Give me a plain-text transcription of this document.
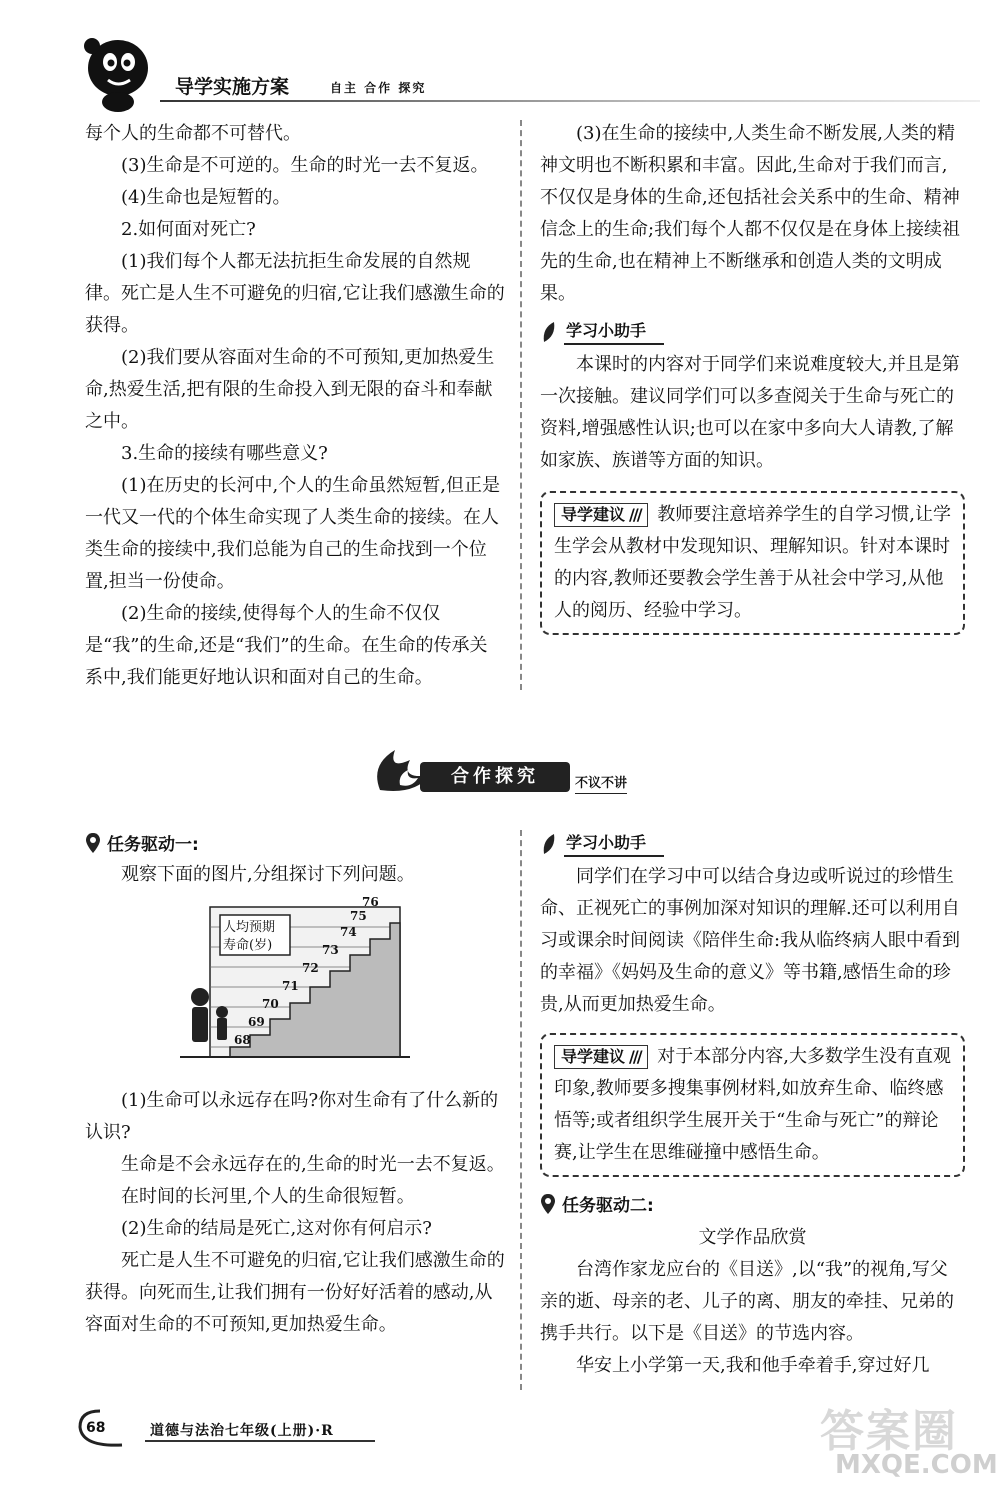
导学实施方案	自主 合作 探究

每个人的生命都不可替代。

(3)生命是不可逆的。生命的时光一去不复返。

(4)生命也是短暂的。

2.如何面对死亡?

(1)我们每个人都无法抗拒生命发展的自然规律。死亡是人生不可避免的归宿,它让我们感激生命的获得。

(2)我们要从容面对生命的不可预知,更加热爱生命,热爱生活,把有限的生命投入到无限的奋斗和奉献之中。

3.生命的接续有哪些意义?

(1)在历史的长河中,个人的生命虽然短暂,但正是一代又一代的个体生命实现了人类生命的接续。在人类生命的接续中,我们总能为自己的生命找到一个位置,担当一份使命。

(2)生命的接续,使得每个人的生命不仅仅是“我”的生命,还是“我们”的生命。在生命的传承关系中,我们能更好地认识和面对自己的生命。

(3)在生命的接续中,人类生命不断发展,人类的精神文明也不断积累和丰富。因此,生命对于我们而言,不仅仅是身体的生命,还包括社会关系中的生命、精神信念上的生命;我们每个人都不仅仅是在身体上接续祖先的生命,也在精神上不断继承和创造人类的文明成果。

学习小助手

本课时的内容对于同学们来说难度较大,并且是第一次接触。建议同学们可以多查阅关于生命与死亡的资料,增强感性认识;也可以在家中多向大人请教,了解如家族、族谱等方面的知识。

导学建议 /// 教师要注意培养学生的自学习惯,让学生学会从教材中发现知识、理解知识。针对本课时的内容,教师还要教会学生善于从社会中学习,从他人的阅历、经验中学习。
合作探究	不议不讲
任务驱动一:

观察下面的图片,分组探讨下列问题。

人均预期
寿命(岁)
76
75
74
73
72
71
70
69
68

(1)生命可以永远存在吗?你对生命有了什么新的认识?

生命是不会永远存在的,生命的时光一去不复返。

在时间的长河里,个人的生命很短暂。

(2)生命的结局是死亡,这对你有何启示?

死亡是人生不可避免的归宿,它让我们感激生命的获得。向死而生,让我们拥有一份好好活着的感动,从容面对生命的不可预知,更加热爱生命。

学习小助手

同学们在学习中可以结合身边或听说过的珍惜生命、正视死亡的事例加深对知识的理解.还可以利用自习或课余时间阅读《陪伴生命:我从临终病人眼中看到的幸福》《妈妈及生命的意义》等书籍,感悟生命的珍贵,从而更加热爱生命。

导学建议 /// 对于本部分内容,大多数学生没有直观印象,教师要多搜集事例材料,如放弃生命、临终感悟等;或者组织学生展开关于“生命与死亡”的辩论赛,让学生在思维碰撞中感悟生命。
任务驱动二:

文学作品欣赏

台湾作家龙应台的《目送》,以“我”的视角,写父亲的逝、母亲的老、儿子的离、朋友的牵挂、兄弟的携手共行。以下是《目送》的节选内容。

华安上小学第一天,我和他手牵着手,穿过好几

68	道德与法治七年级(上册)·R	答案圈
MXQE.COM
